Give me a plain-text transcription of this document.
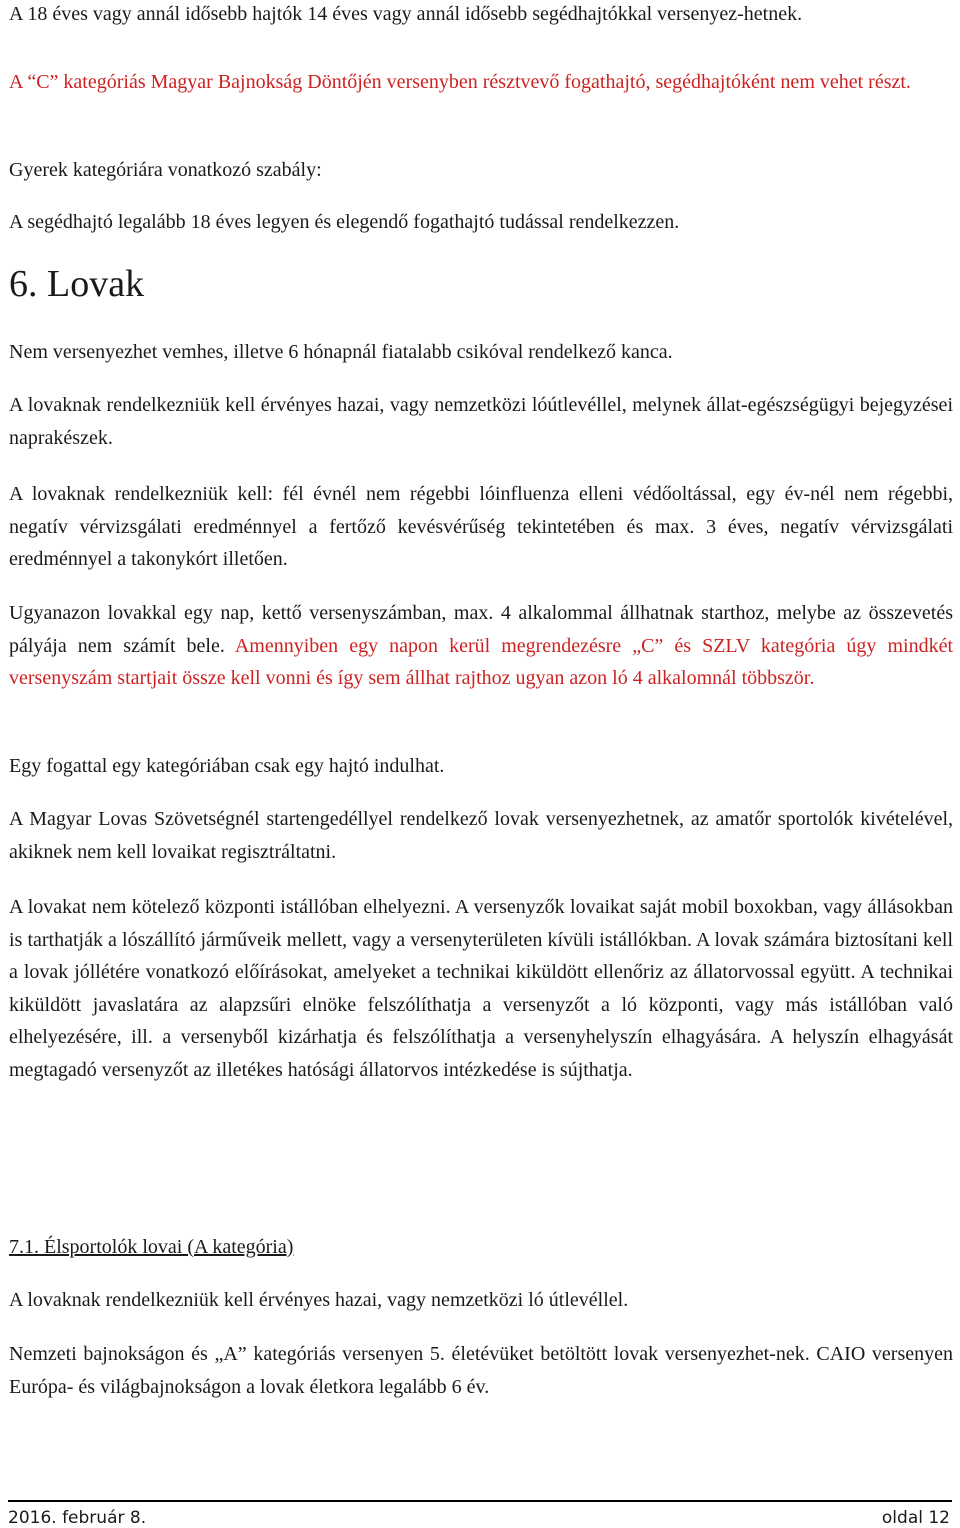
A 18 éves vagy annál idősebb hajtók 14 éves vagy annál idősebb segédhajtókkal versenyez-hetnek.

A “C” kategóriás Magyar Bajnokság Döntőjén versenyben résztvevő fogathajtó, segédhajtóként nem vehet részt.

Gyerek kategóriára vonatkozó szabály:

A segédhajtó legalább 18 éves legyen és elegendő fogathajtó tudással rendelkezzen.

6. Lovak

Nem versenyezhet vemhes, illetve 6 hónapnál fiatalabb csikóval rendelkező kanca.

A lovaknak rendelkezniük kell érvényes hazai, vagy nemzetközi lóútlevéllel, melynek állat-egészségügyi bejegyzései naprakészek.

A lovaknak rendelkezniük kell: fél évnél nem régebbi lóinfluenza elleni védőoltással, egy év-nél nem régebbi, negatív vérvizsgálati eredménnyel a fertőző kevésvérűség tekintetében és max. 3 éves, negatív vérvizsgálati eredménnyel a takonykórt illetően.

Ugyanazon lovakkal egy nap, kettő versenyszámban, max. 4 alkalommal állhatnak starthoz, melybe az összevetés pályája nem számít bele. Amennyiben egy napon kerül megrendezésre „C” és SZLV kategória úgy mindkét versenyszám startjait össze kell vonni és így sem állhat rajthoz ugyan azon ló 4 alkalomnál többször.

Egy fogattal egy kategóriában csak egy hajtó indulhat.

A Magyar Lovas Szövetségnél startengedéllyel rendelkező lovak versenyezhetnek, az amatőr sportolók kivételével, akiknek nem kell lovaikat regisztráltatni.

A lovakat nem kötelező központi istállóban elhelyezni. A versenyzők lovaikat saját mobil boxokban, vagy állásokban is tarthatják a lószállító járműveik mellett, vagy a versenyterületen kívüli istállókban. A lovak számára biztosítani kell a lovak jóllétére vonatkozó előírásokat, amelyeket a technikai kiküldött ellenőriz az állatorvossal együtt. A technikai kiküldött javaslatára az alapzsűri elnöke felszólíthatja a versenyzőt a ló központi, vagy más istállóban való elhelyezésére, ill. a versenyből kizárhatja és felszólíthatja a versenyhelyszín elhagyására. A helyszín elhagyását megtagadó versenyzőt az illetékes hatósági állatorvos intézkedése is sújthatja.

7.1. Élsportolók lovai (A kategória)

A lovaknak rendelkezniük kell érvényes hazai, vagy nemzetközi ló útlevéllel.

Nemzeti bajnokságon és „A” kategóriás versenyen 5. életévüket betöltött lovak versenyezhet-nek. CAIO versenyen Európa- és világbajnokságon a lovak életkora legalább 6 év.

2016. február 8.	oldal 12
